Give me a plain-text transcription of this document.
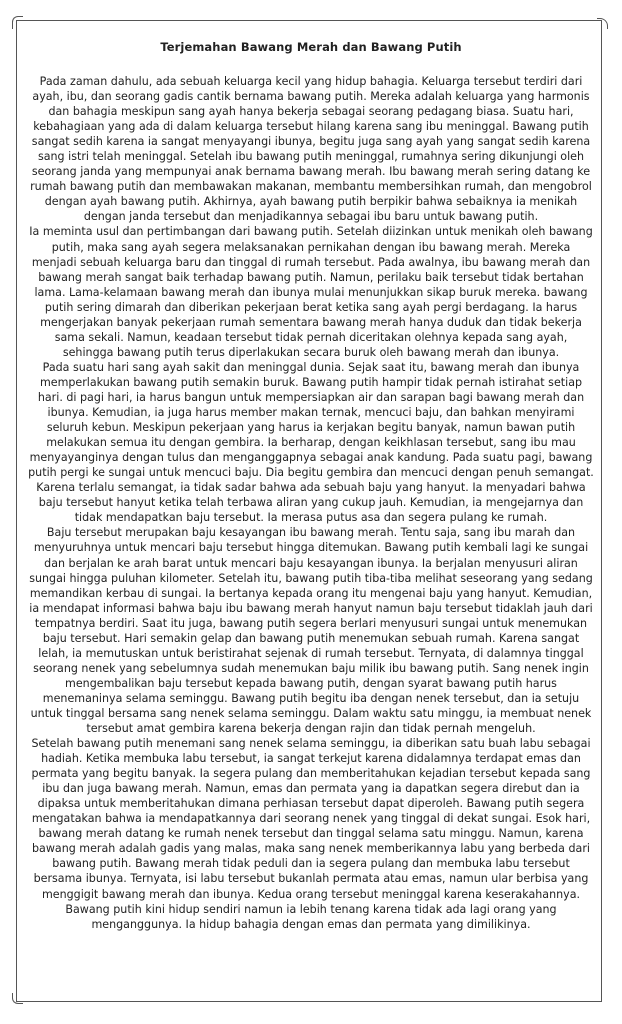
Terjemahan Bawang Merah dan Bawang Putih

Pada zaman dahulu, ada sebuah keluarga kecil yang hidup bahagia. Keluarga tersebut terdiri dari ayah, ibu, dan seorang gadis cantik bernama bawang putih. Mereka adalah keluarga yang harmonis dan bahagia meskipun sang ayah hanya bekerja sebagai seorang pedagang biasa. Suatu hari, kebahagiaan yang ada di dalam keluarga tersebut hilang karena sang ibu meninggal. Bawang putih sangat sedih karena ia sangat menyayangi ibunya, begitu juga sang ayah yang sangat sedih karena sang istri telah meninggal. Setelah ibu bawang putih meninggal, rumahnya sering dikunjungi oleh seorang janda yang mempunyai anak bernama bawang merah. Ibu bawang merah sering datang ke rumah bawang putih dan membawakan makanan, membantu membersihkan rumah, dan mengobrol dengan ayah bawang putih. Akhirnya, ayah bawang putih berpikir bahwa sebaiknya ia menikah dengan janda tersebut dan menjadikannya sebagai ibu baru untuk bawang putih.

Ia meminta usul dan pertimbangan dari bawang putih. Setelah diizinkan untuk menikah oleh bawang putih, maka sang ayah segera melaksanakan pernikahan dengan ibu bawang merah. Mereka menjadi sebuah keluarga baru dan tinggal di rumah tersebut. Pada awalnya, ibu bawang merah dan bawang merah sangat baik terhadap bawang putih. Namun, perilaku baik tersebut tidak bertahan lama. Lama-kelamaan bawang merah dan ibunya mulai menunjukkan sikap buruk mereka. bawang putih sering dimarah dan diberikan pekerjaan berat ketika sang ayah pergi berdagang. Ia harus mengerjakan banyak pekerjaan rumah sementara bawang merah hanya duduk dan tidak bekerja sama sekali. Namun, keadaan tersebut tidak pernah diceritakan olehnya kepada sang ayah, sehingga bawang putih terus diperlakukan secara buruk oleh bawang merah dan ibunya.

Pada suatu hari sang ayah sakit dan meninggal dunia. Sejak saat itu, bawang merah dan ibunya memperlakukan bawang putih semakin buruk. Bawang putih hampir tidak pernah istirahat setiap hari. di pagi hari, ia harus bangun untuk mempersiapkan air dan sarapan bagi bawang merah dan ibunya. Kemudian, ia juga harus member makan ternak, mencuci baju, dan bahkan menyirami seluruh kebun. Meskipun pekerjaan yang harus ia kerjakan begitu banyak, namun bawan putih melakukan semua itu dengan gembira. Ia berharap, dengan keikhlasan tersebut, sang ibu mau menyayanginya dengan tulus dan menganggapnya sebagai anak kandung. Pada suatu pagi, bawang putih pergi ke sungai untuk mencuci baju. Dia begitu gembira dan mencuci dengan penuh semangat. Karena terlalu semangat, ia tidak sadar bahwa ada sebuah baju yang hanyut. Ia menyadari bahwa baju tersebut hanyut ketika telah terbawa aliran yang cukup jauh. Kemudian, ia mengejarnya dan tidak mendapatkan baju tersebut. Ia merasa putus asa dan segera pulang ke rumah.

Baju tersebut merupakan baju kesayangan ibu bawang merah. Tentu saja, sang ibu marah dan menyuruhnya untuk mencari baju tersebut hingga ditemukan. Bawang putih kembali lagi ke sungai dan berjalan ke arah barat untuk mencari baju kesayangan ibunya. Ia berjalan menyusuri aliran sungai hingga puluhan kilometer. Setelah itu, bawang putih tiba-tiba melihat seseorang yang sedang memandikan kerbau di sungai. Ia bertanya kepada orang itu mengenai baju yang hanyut. Kemudian, ia mendapat informasi bahwa baju ibu bawang merah hanyut namun baju tersebut tidaklah jauh dari tempatnya berdiri. Saat itu juga, bawang putih segera berlari menyusuri sungai untuk menemukan baju tersebut. Hari semakin gelap dan bawang putih menemukan sebuah rumah. Karena sangat lelah, ia memutuskan untuk beristirahat sejenak di rumah tersebut. Ternyata, di dalamnya tinggal seorang nenek yang sebelumnya sudah menemukan baju milik ibu bawang putih. Sang nenek ingin mengembalikan baju tersebut kepada bawang putih, dengan syarat bawang putih harus menemaninya selama seminggu. Bawang putih begitu iba dengan nenek tersebut, dan ia setuju untuk tinggal bersama sang nenek selama seminggu. Dalam waktu satu minggu, ia membuat nenek tersebut amat gembira karena bekerja dengan rajin dan tidak pernah mengeluh.

Setelah bawang putih menemani sang nenek selama seminggu, ia diberikan satu buah labu sebagai hadiah. Ketika membuka labu tersebut, ia sangat terkejut karena didalamnya terdapat emas dan permata yang begitu banyak. Ia segera pulang dan memberitahukan kejadian tersebut kepada sang ibu dan juga bawang merah. Namun, emas dan permata yang ia dapatkan segera direbut dan ia dipaksa untuk memberitahukan dimana perhiasan tersebut dapat diperoleh. Bawang putih segera mengatakan bahwa ia mendapatkannya dari seorang nenek yang tinggal di dekat sungai. Esok hari, bawang merah datang ke rumah nenek tersebut dan tinggal selama satu minggu. Namun, karena bawang merah adalah gadis yang malas, maka sang nenek memberikannya labu yang berbeda dari bawang putih. Bawang merah tidak peduli dan ia segera pulang dan membuka labu tersebut bersama ibunya. Ternyata, isi labu tersebut bukanlah permata atau emas, namun ular berbisa yang menggigit bawang merah dan ibunya. Kedua orang tersebut meninggal karena keserakahannya. Bawang putih kini hidup sendiri namun ia lebih tenang karena tidak ada lagi orang yang menganggunya. Ia hidup bahagia dengan emas dan permata yang dimilikinya.
